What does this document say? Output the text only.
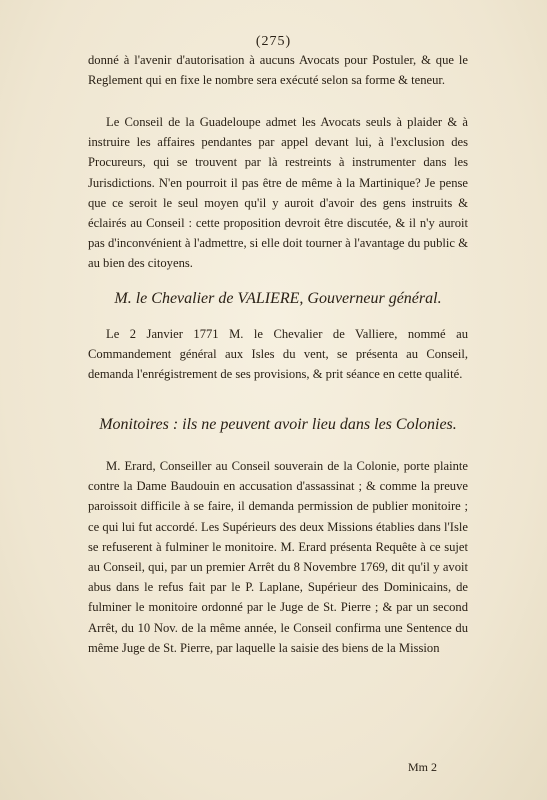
(275)

donné à l'avenir d'autorisation à aucuns Avocats pour Postuler, & que le Reglement qui en fixe le nombre sera exécuté selon sa forme & teneur.

Le Conseil de la Guadeloupe admet les Avocats seuls à plaider & à instruire les affaires pendantes par appel devant lui, à l'exclusion des Procureurs, qui se trouvent par là restreints à instrumenter dans les Jurisdictions. N'en pourroit il pas être de même à la Martinique? Je pense que ce seroit le seul moyen qu'il y auroit d'avoir des gens instruits & éclairés au Conseil : cette proposition devroit être discutée, & il n'y auroit pas d'inconvénient à l'admettre, si elle doit tourner à l'avantage du public & au bien des citoyens.

M. le Chevalier de VALIERE, Gouverneur général.

Le 2 Janvier 1771 M. le Chevalier de Valliere, nommé au Commandement général aux Isles du vent, se présenta au Conseil, demanda l'enrégistrement de ses provisions, & prit séance en cette qualité.

Monitoires : ils ne peuvent avoir lieu dans les Colonies.

M. Erard, Conseiller au Conseil souverain de la Colonie, porte plainte contre la Dame Baudouin en accusation d'assassinat ; & comme la preuve paroissoit difficile à se faire, il demanda permission de publier monitoire ; ce qui lui fut accordé. Les Supérieurs des deux Missions établies dans l'Isle se refuserent à fulminer le monitoire. M. Erard présenta Requête à ce sujet au Conseil, qui, par un premier Arrêt du 8 Novembre 1769, dit qu'il y avoit abus dans le refus fait par le P. Laplane, Supérieur des Dominicains, de fulminer le monitoire ordonné par le Juge de St. Pierre ; & par un second Arrêt, du 10 Nov. de la même année, le Conseil confirma une Sentence du même Juge de St. Pierre, par laquelle la saisie des biens de la Mission

Mm 2
